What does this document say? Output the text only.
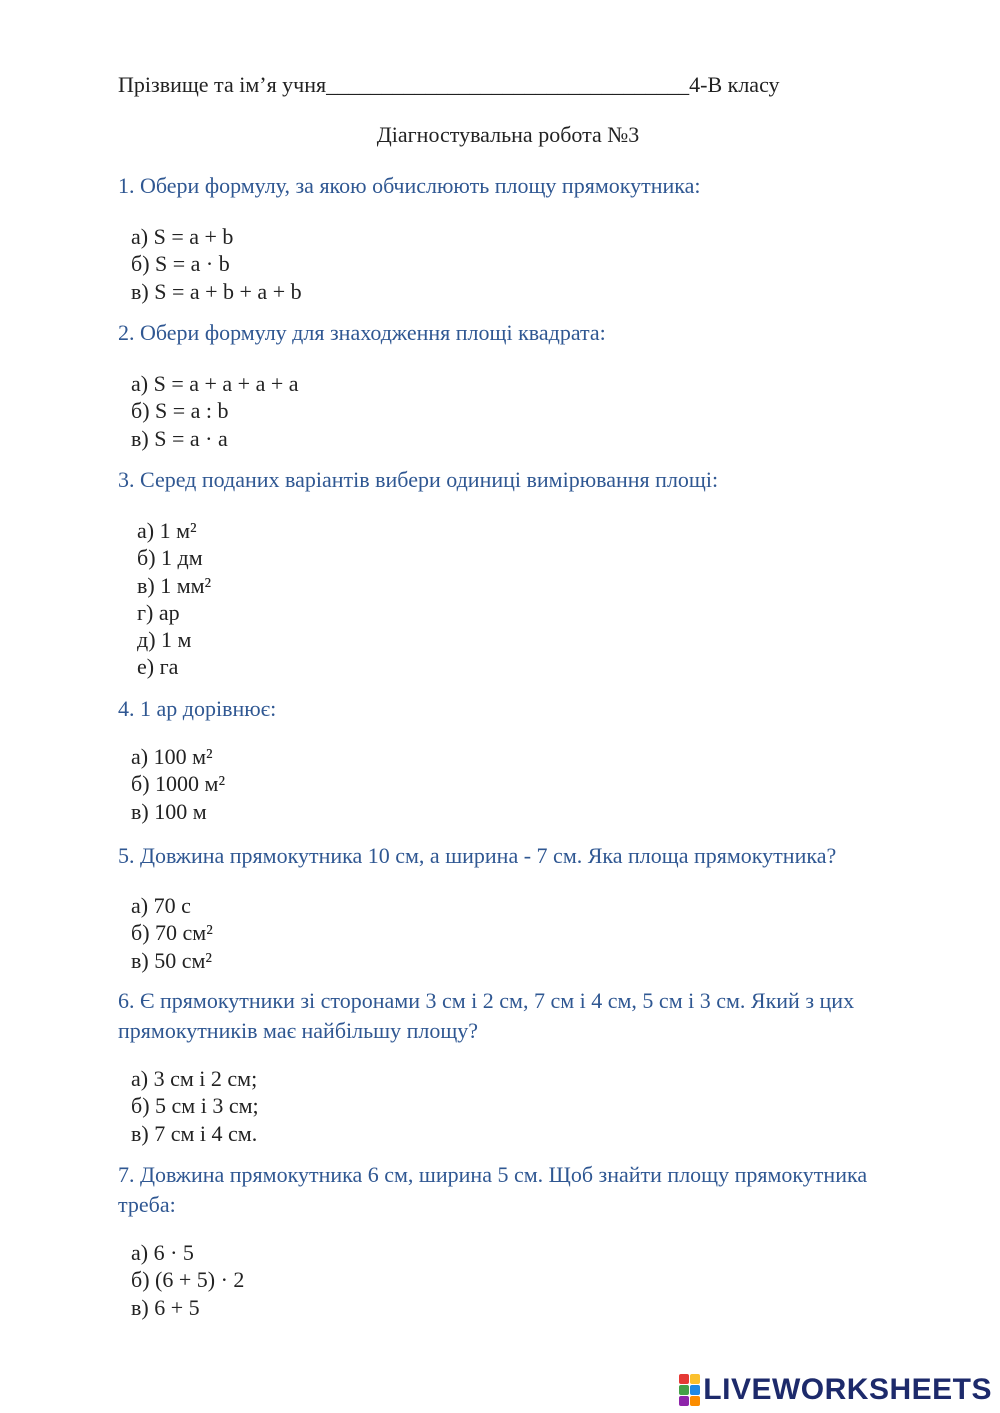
Прізвище та ім’я учня_________________________________4-В класу
Діагностувальна робота №3
1. Обери формулу, за якою обчислюють площу прямокутника:
а) S = a + b
б) S = a · b
в) S = a + b + a + b
2. Обери формулу для знаходження площі квадрата:
а) S = a + a + a + a
б) S = a : b
в) S = a · a
3. Серед поданих варіантів вибери одиниці вимірювання площі:
а) 1 м²
б) 1 дм
в) 1 мм²
г) ар
д) 1 м
е) га
4. 1 ар дорівнює:
а) 100 м²
б) 1000 м²
в) 100 м
5. Довжина прямокутника 10 см, а ширина - 7 см. Яка площа прямокутника?
а) 70 с
б) 70 см²
в) 50 см²
6. Є прямокутники зі сторонами 3 см і 2 см, 7 см і 4 см, 5 см і 3 см. Який з цих прямокутників має найбільшу площу?
а) 3 см і 2 см;
б) 5 см і 3 см;
в) 7 см і 4 см.
7. Довжина прямокутника 6 см, ширина 5 см. Щоб знайти площу прямокутника треба:
а) 6 · 5
б) (6 + 5) · 2
в) 6 + 5
LIVEWORKSHEETS
